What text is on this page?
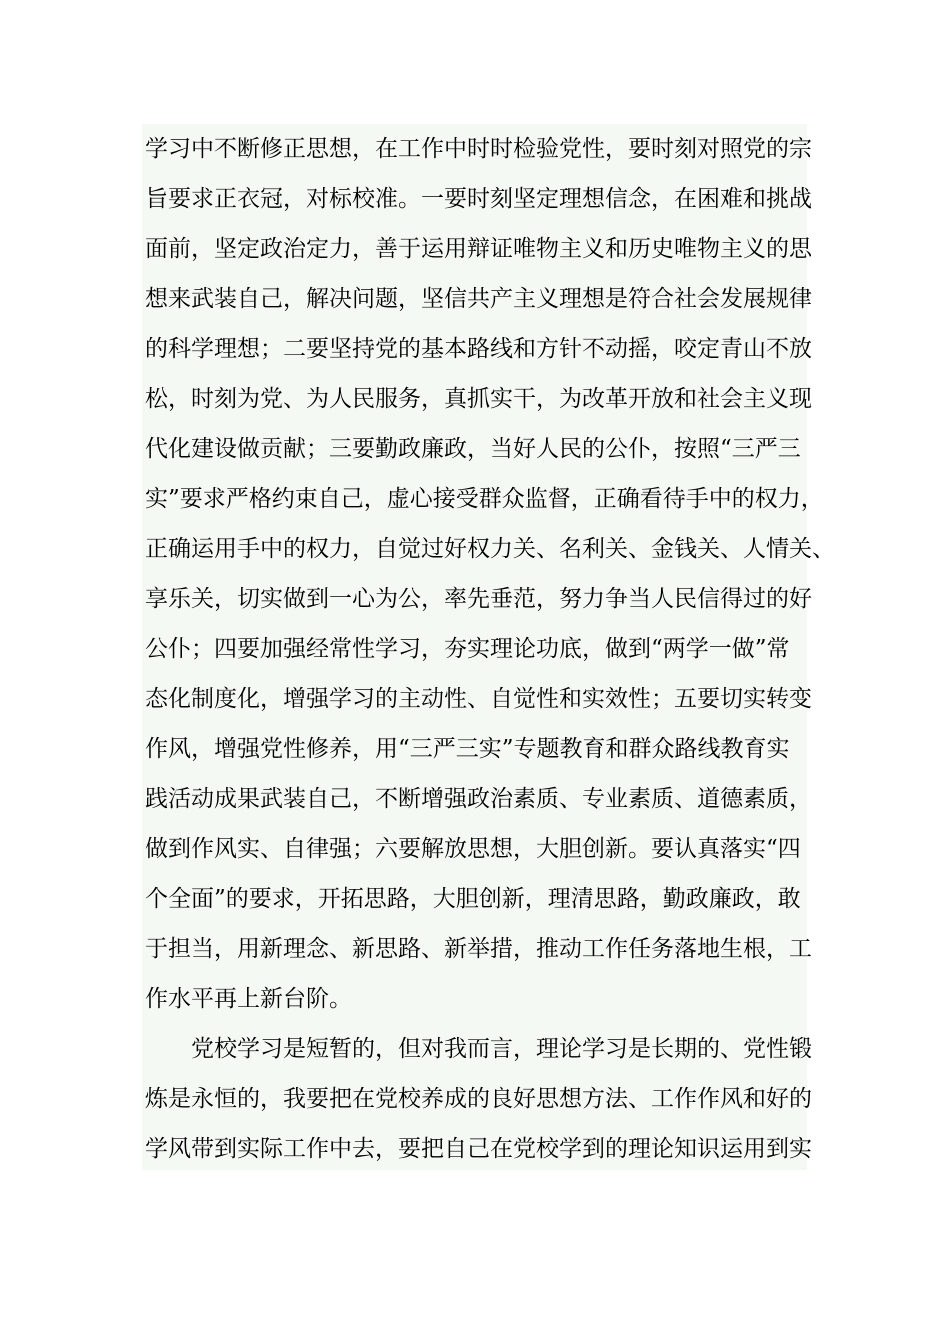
学习中不断修正思想，在工作中时时检验党性，要时刻对照党的宗
旨要求正衣冠，对标校准。一要时刻坚定理想信念，在困难和挑战
面前，坚定政治定力，善于运用辩证唯物主义和历史唯物主义的思
想来武装自己，解决问题，坚信共产主义理想是符合社会发展规律
的科学理想；二要坚持党的基本路线和方针不动摇，咬定青山不放
松，时刻为党、为人民服务，真抓实干，为改革开放和社会主义现
代化建设做贡献；三要勤政廉政，当好人民的公仆，按照“三严三
实”要求严格约束自己，虚心接受群众监督，正确看待手中的权力，
正确运用手中的权力，自觉过好权力关、名利关、金钱关、人情关、
享乐关，切实做到一心为公，率先垂范，努力争当人民信得过的好
公仆；四要加强经常性学习，夯实理论功底，做到“两学一做”常
态化制度化，增强学习的主动性、自觉性和实效性；五要切实转变
作风，增强党性修养，用“三严三实”专题教育和群众路线教育实
践活动成果武装自己，不断增强政治素质、专业素质、道德素质，
做到作风实、自律强；六要解放思想，大胆创新。要认真落实“四
个全面”的要求，开拓思路，大胆创新，理清思路，勤政廉政，敢
于担当，用新理念、新思路、新举措，推动工作任务落地生根，工
作水平再上新台阶。
　　党校学习是短暂的，但对我而言，理论学习是长期的、党性锻
炼是永恒的，我要把在党校养成的良好思想方法、工作作风和好的
学风带到实际工作中去，要把自己在党校学到的理论知识运用到实
